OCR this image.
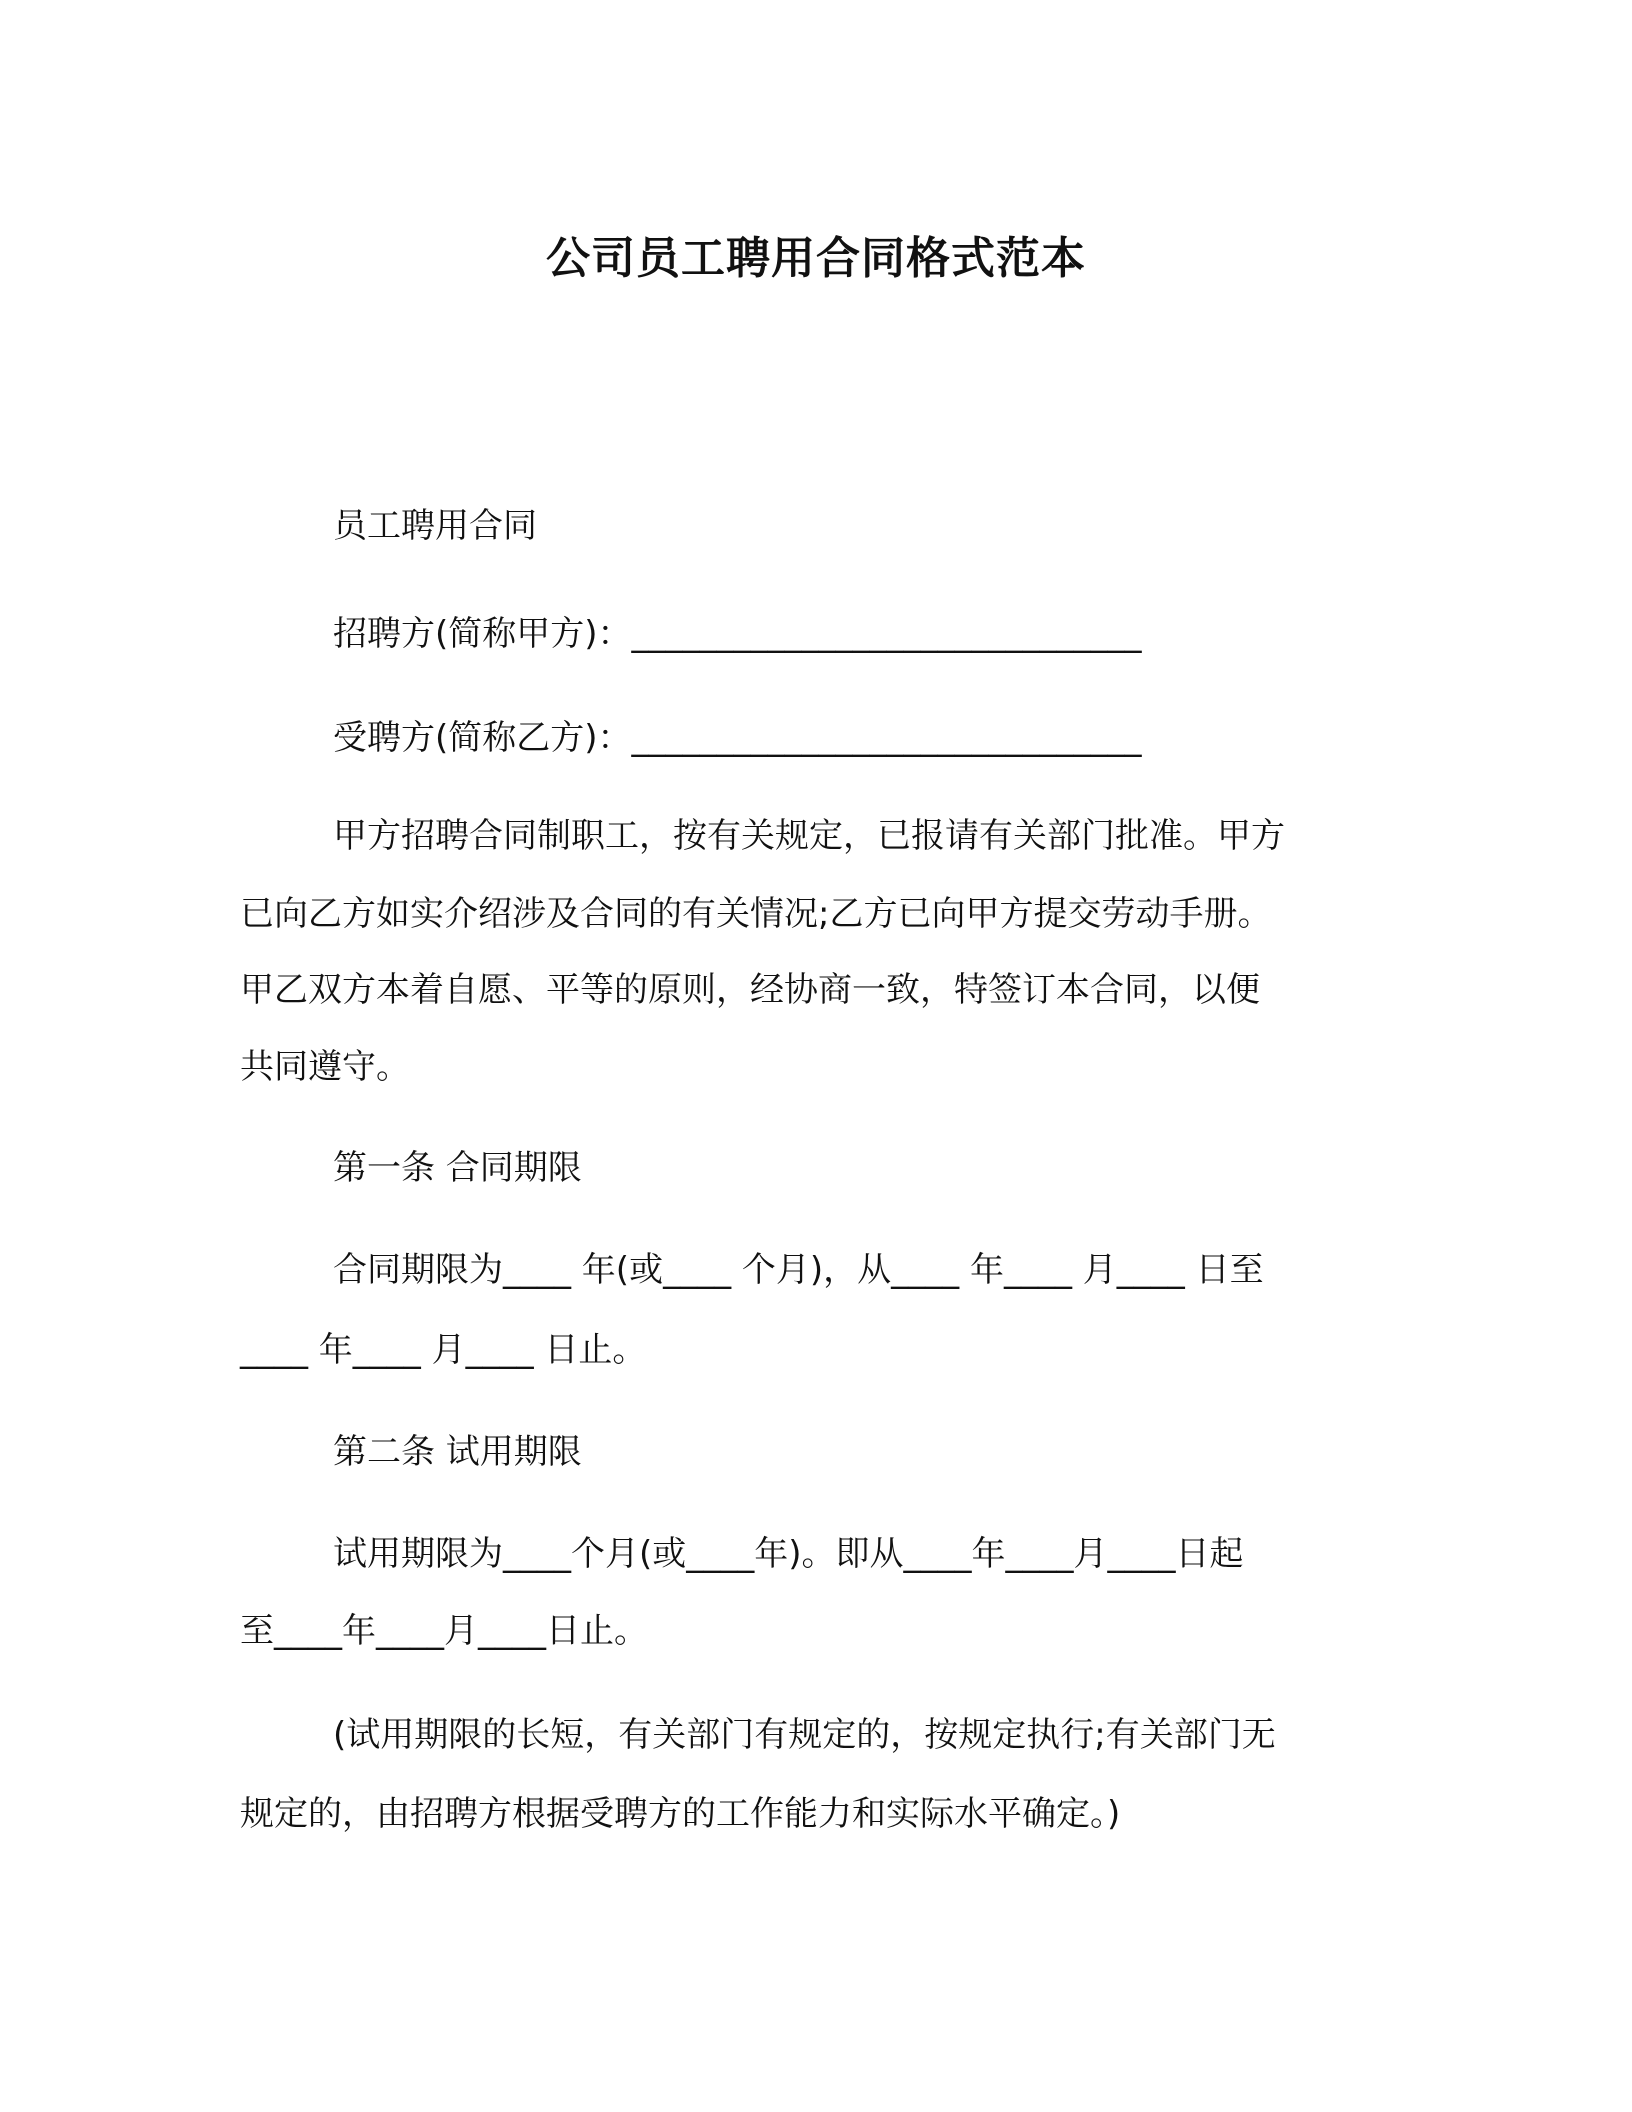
公司员工聘用合同格式范本
员工聘用合同
招聘方(简称甲方)：______________________________
受聘方(简称乙方)：______________________________
甲方招聘合同制职工，按有关规定，已报请有关部门批准。甲方
已向乙方如实介绍涉及合同的有关情况;乙方已向甲方提交劳动手册。
甲乙双方本着自愿、平等的原则，经协商一致，特签订本合同，以便
共同遵守。
第一条 合同期限
合同期限为____ 年(或____ 个月)，从____ 年____ 月____ 日至
____ 年____ 月____ 日止。
第二条 试用期限
试用期限为____个月(或____年)。即从____年____月____日起
至____年____月____日止。
(试用期限的长短，有关部门有规定的，按规定执行;有关部门无
规定的，由招聘方根据受聘方的工作能力和实际水平确定。)
